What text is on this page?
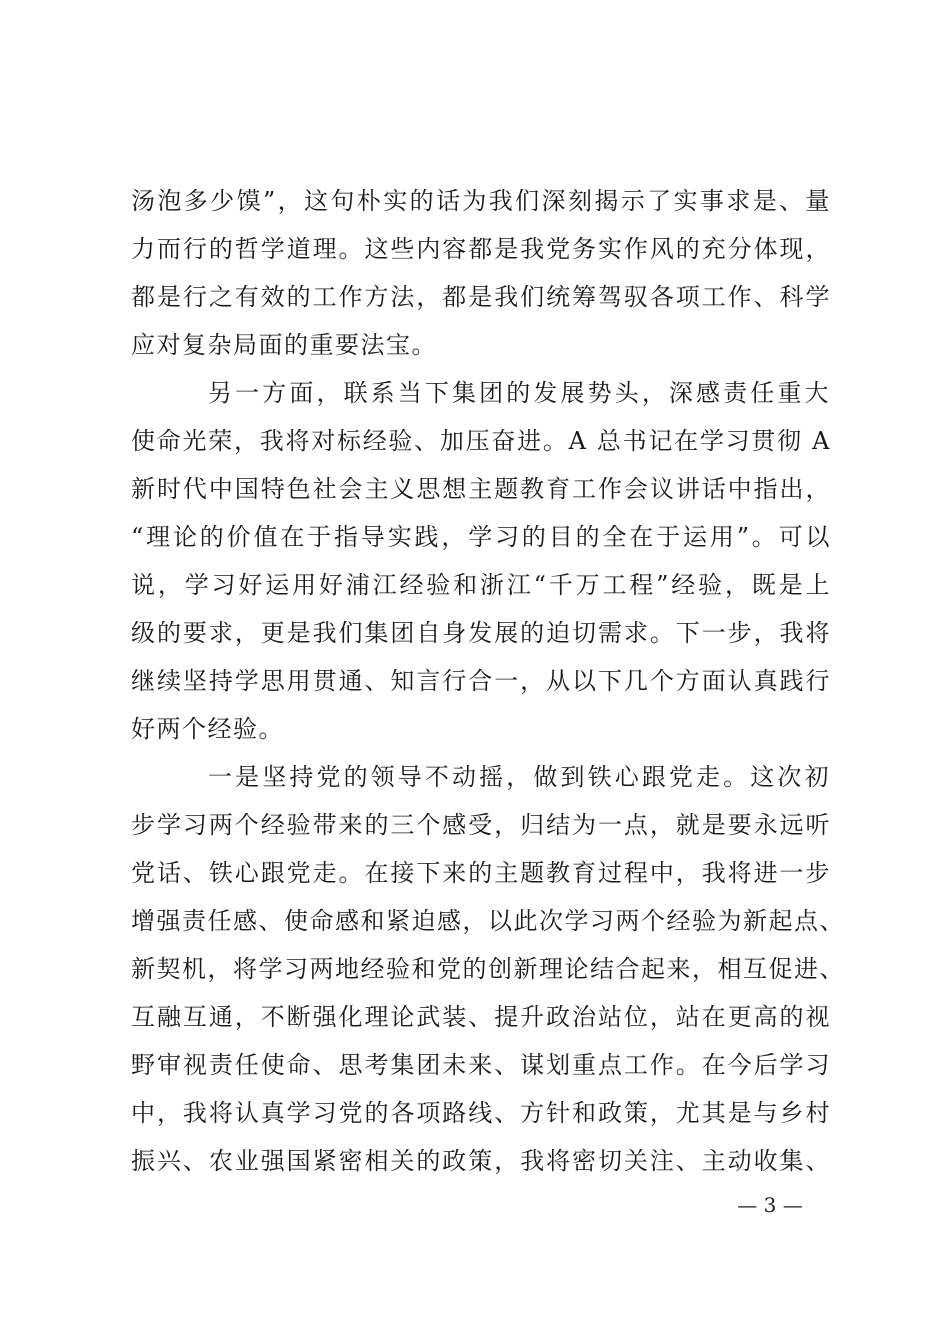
汤泡多少馍”，这句朴实的话为我们深刻揭示了实事求是、量
力而行的哲学道理。这些内容都是我党务实作风的充分体现，
都是行之有效的工作方法，都是我们统筹驾驭各项工作、科学
应对复杂局面的重要法宝。
另一方面，联系当下集团的发展势头，深感责任重大
使命光荣，我将对标经验、加压奋进。A 总书记在学习贯彻 A
新时代中国特色社会主义思想主题教育工作会议讲话中指出，
“理论的价值在于指导实践，学习的目的全在于运用”。可以
说，学习好运用好浦江经验和浙江“千万工程”经验，既是上
级的要求，更是我们集团自身发展的迫切需求。下一步，我将
继续坚持学思用贯通、知言行合一，从以下几个方面认真践行
好两个经验。
一是坚持党的领导不动摇，做到铁心跟党走。这次初
步学习两个经验带来的三个感受，归结为一点，就是要永远听
党话、铁心跟党走。在接下来的主题教育过程中，我将进一步
增强责任感、使命感和紧迫感，以此次学习两个经验为新起点、
新契机，将学习两地经验和党的创新理论结合起来，相互促进、
互融互通，不断强化理论武装、提升政治站位，站在更高的视
野审视责任使命、思考集团未来、谋划重点工作。在今后学习
中，我将认真学习党的各项路线、方针和政策，尤其是与乡村
振兴、农业强国紧密相关的政策，我将密切关注、主动收集、
— 3 —
